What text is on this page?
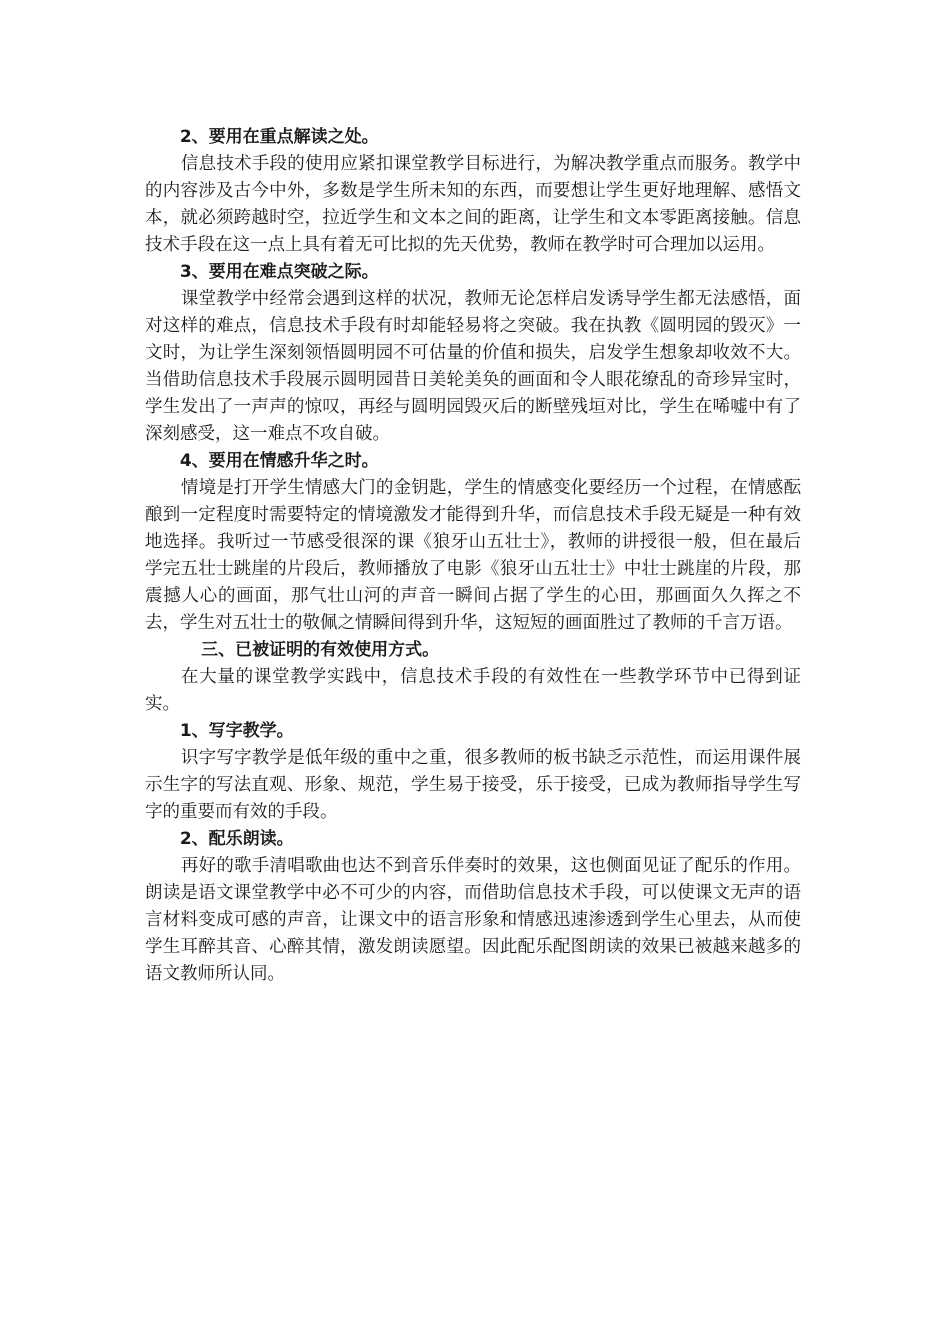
2、要用在重点解读之处。

信息技术手段的使用应紧扣课堂教学目标进行，为解决教学重点而服务。教学中的内容涉及古今中外，多数是学生所未知的东西，而要想让学生更好地理解、感悟文本，就必须跨越时空，拉近学生和文本之间的距离，让学生和文本零距离接触。信息技术手段在这一点上具有着无可比拟的先天优势，教师在教学时可合理加以运用。

3、要用在难点突破之际。

课堂教学中经常会遇到这样的状况，教师无论怎样启发诱导学生都无法感悟，面对这样的难点，信息技术手段有时却能轻易将之突破。我在执教《圆明园的毁灭》一文时，为让学生深刻领悟圆明园不可估量的价值和损失，启发学生想象却收效不大。当借助信息技术手段展示圆明园昔日美轮美奂的画面和令人眼花缭乱的奇珍异宝时，学生发出了一声声的惊叹，再经与圆明园毁灭后的断壁残垣对比，学生在唏嘘中有了深刻感受，这一难点不攻自破。

4、要用在情感升华之时。

情境是打开学生情感大门的金钥匙，学生的情感变化要经历一个过程，在情感酝酿到一定程度时需要特定的情境激发才能得到升华，而信息技术手段无疑是一种有效地选择。我听过一节感受很深的课《狼牙山五壮士》，教师的讲授很一般，但在最后学完五壮士跳崖的片段后，教师播放了电影《狼牙山五壮士》中壮士跳崖的片段，那震撼人心的画面，那气壮山河的声音一瞬间占据了学生的心田，那画面久久挥之不去，学生对五壮士的敬佩之情瞬间得到升华，这短短的画面胜过了教师的千言万语。

三、已被证明的有效使用方式。

在大量的课堂教学实践中，信息技术手段的有效性在一些教学环节中已得到证实。

1、写字教学。

识字写字教学是低年级的重中之重，很多教师的板书缺乏示范性，而运用课件展示生字的写法直观、形象、规范，学生易于接受，乐于接受，已成为教师指导学生写字的重要而有效的手段。

2、配乐朗读。

再好的歌手清唱歌曲也达不到音乐伴奏时的效果，这也侧面见证了配乐的作用。朗读是语文课堂教学中必不可少的内容，而借助信息技术手段，可以使课文无声的语言材料变成可感的声音，让课文中的语言形象和情感迅速渗透到学生心里去，从而使学生耳醉其音、心醉其情，激发朗读愿望。因此配乐配图朗读的效果已被越来越多的语文教师所认同。
